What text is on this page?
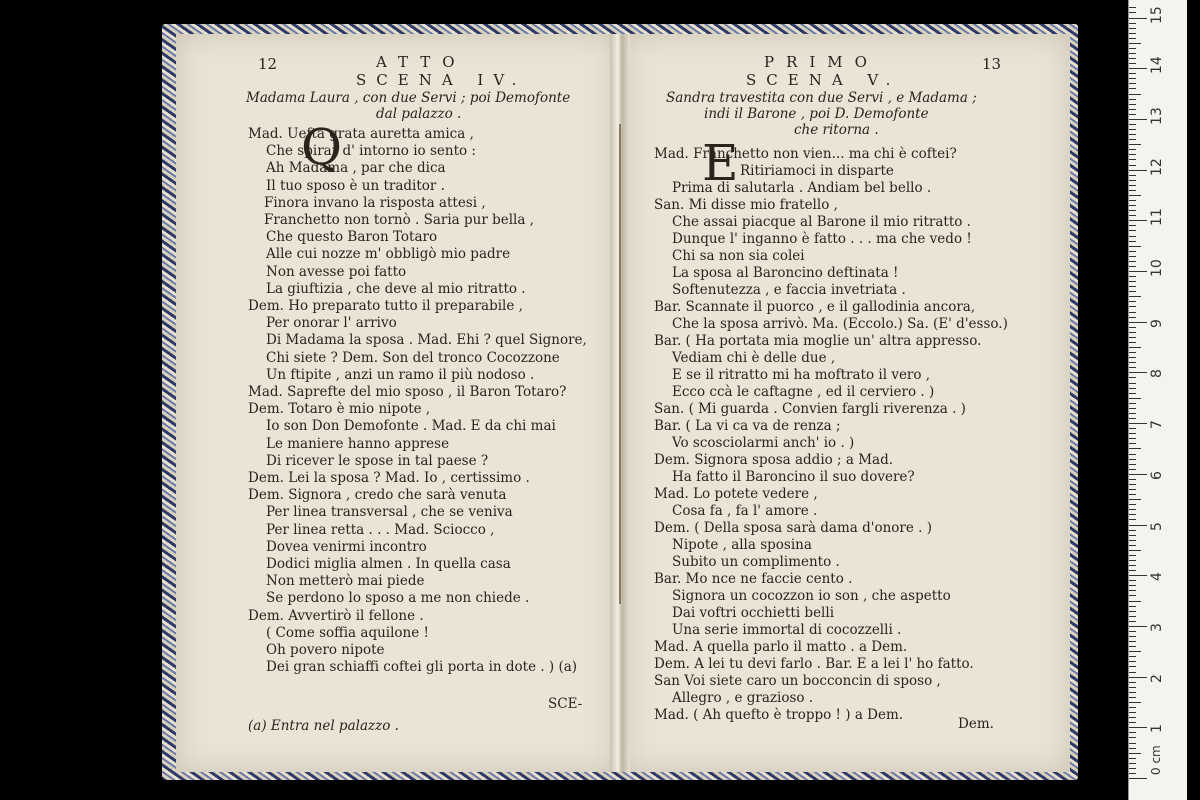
12	ATTO
SCENA IV.
Madama Laura , con due Servi ; poi Demofonte
dal palazzo .
Q
Mad. Uefta grata auretta amica ,
Che spirar d' intorno io sento :
Ah Madama , par che dica
Il tuo sposo è un traditor .
Finora invano la risposta attesi ,
Franchetto non tornò . Saria pur bella ,
Che questo Baron Totaro
Alle cui nozze m' obbligò mio padre
Non avesse poi fatto
La giuftizia , che deve al mio ritratto .
Dem. Ho preparato tutto il preparabile ,
Per onorar l' arrivo
Di Madama la sposa . Mad. Ehi ? quel Signore,
Chi siete ? Dem. Son del tronco Cocozzone
Un ftipite , anzi un ramo il più nodoso .
Mad. Saprefte del mio sposo , il Baron Totaro?
Dem. Totaro è mio nipote ,
Io son Don Demofonte . Mad. E da chi mai
Le maniere hanno apprese
Di ricever le spose in tal paese ?
Dem. Lei la sposa ? Mad. Io , certissimo .
Dem. Signora , credo che sarà venuta
Per linea transversal , che se veniva
Per linea retta . . . Mad. Sciocco ,
Dovea venirmi incontro
Dodici miglia almen . In quella casa
Non metterò mai piede
Se perdono lo sposo a me non chiede .
Dem. Avvertirò il fellone .
( Come soffia aquilone !
Oh povero nipote
Dei gran schiaffi coftei gli porta in dote . ) (a)
SCE-
(a) Entra nel palazzo .
PRIMO	13
SCENA V.
Sandra travestita con due Servi , e Madama ;
indi il Barone , poi D. Demofonte
che ritorna .
E
Mad. Franchetto non vien... ma chi è coftei?
Ritiriamoci in disparte
Prima di salutarla . Andiam bel bello .
San. Mi disse mio fratello ,
Che assai piacque al Barone il mio ritratto .
Dunque l' inganno è fatto . . . ma che vedo !
Chi sa non sia colei
La sposa al Baroncino deftinata !
Softenutezza , e faccia invetriata .
Bar. Scannate il puorco , e il gallodinia ancora,
Che la sposa arrivò. Ma. (Eccolo.) Sa. (E' d'esso.)
Bar. ( Ha portata mia moglie un' altra appresso.
Vediam chi è delle due ,
E se il ritratto mi ha moftrato il vero ,
Ecco ccà le caftagne , ed il cerviero . )
San. ( Mi guarda . Convien fargli riverenza . )
Bar. ( La vi ca va de renza ;
Vo scosciolarmi anch' io . )
Dem. Signora sposa addio ; a Mad.
Ha fatto il Baroncino il suo dovere?
Mad. Lo potete vedere ,
Cosa fa , fa l' amore .
Dem. ( Della sposa sarà dama d'onore . )
Nipote , alla sposina
Subito un complimento .
Bar. Mo nce ne faccie cento .
Signora un cocozzon io son , che aspetto
Dai voftri occhietti belli
Una serie immortal di cocozzelli .
Mad. A quella parlo il matto . a Dem.
Dem. A lei tu devi farlo . Bar. E a lei l' ho fatto.
San Voi siete caro un bocconcin di sposo ,
Allegro , e grazioso .
Mad. ( Ah quefto è troppo ! ) a Dem.
Dem.	1
2
3
4
5
6
7
8
9
10
11
12
13
14
15
0 cm
